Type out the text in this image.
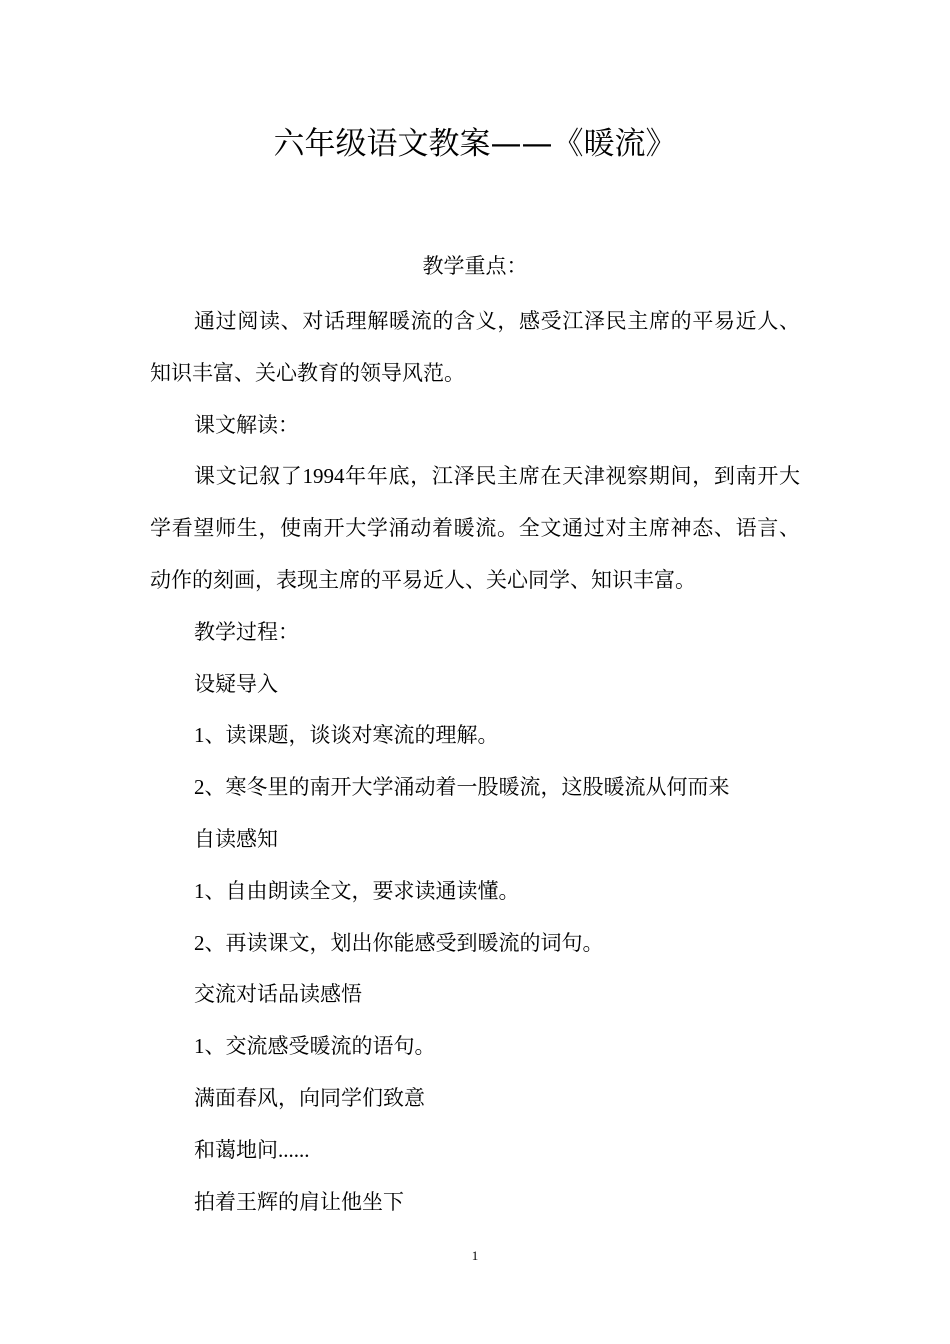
六年级语文教案——《暖流》
教学重点：

通过阅读、对话理解暖流的含义，感受江泽民主席的平易近人、知识丰富、关心教育的领导风范。

课文解读：

课文记叙了1994年年底，江泽民主席在天津视察期间，到南开大学看望师生，使南开大学涌动着暖流。全文通过对主席神态、语言、动作的刻画，表现主席的平易近人、关心同学、知识丰富。

教学过程：

设疑导入

1、读课题，谈谈对寒流的理解。

2、寒冬里的南开大学涌动着一股暖流，这股暖流从何而来

自读感知

1、自由朗读全文，要求读通读懂。

2、再读课文，划出你能感受到暖流的词句。

交流对话品读感悟

1、交流感受暖流的语句。

满面春风，向同学们致意

和蔼地问......

拍着王辉的肩让他坐下

1
